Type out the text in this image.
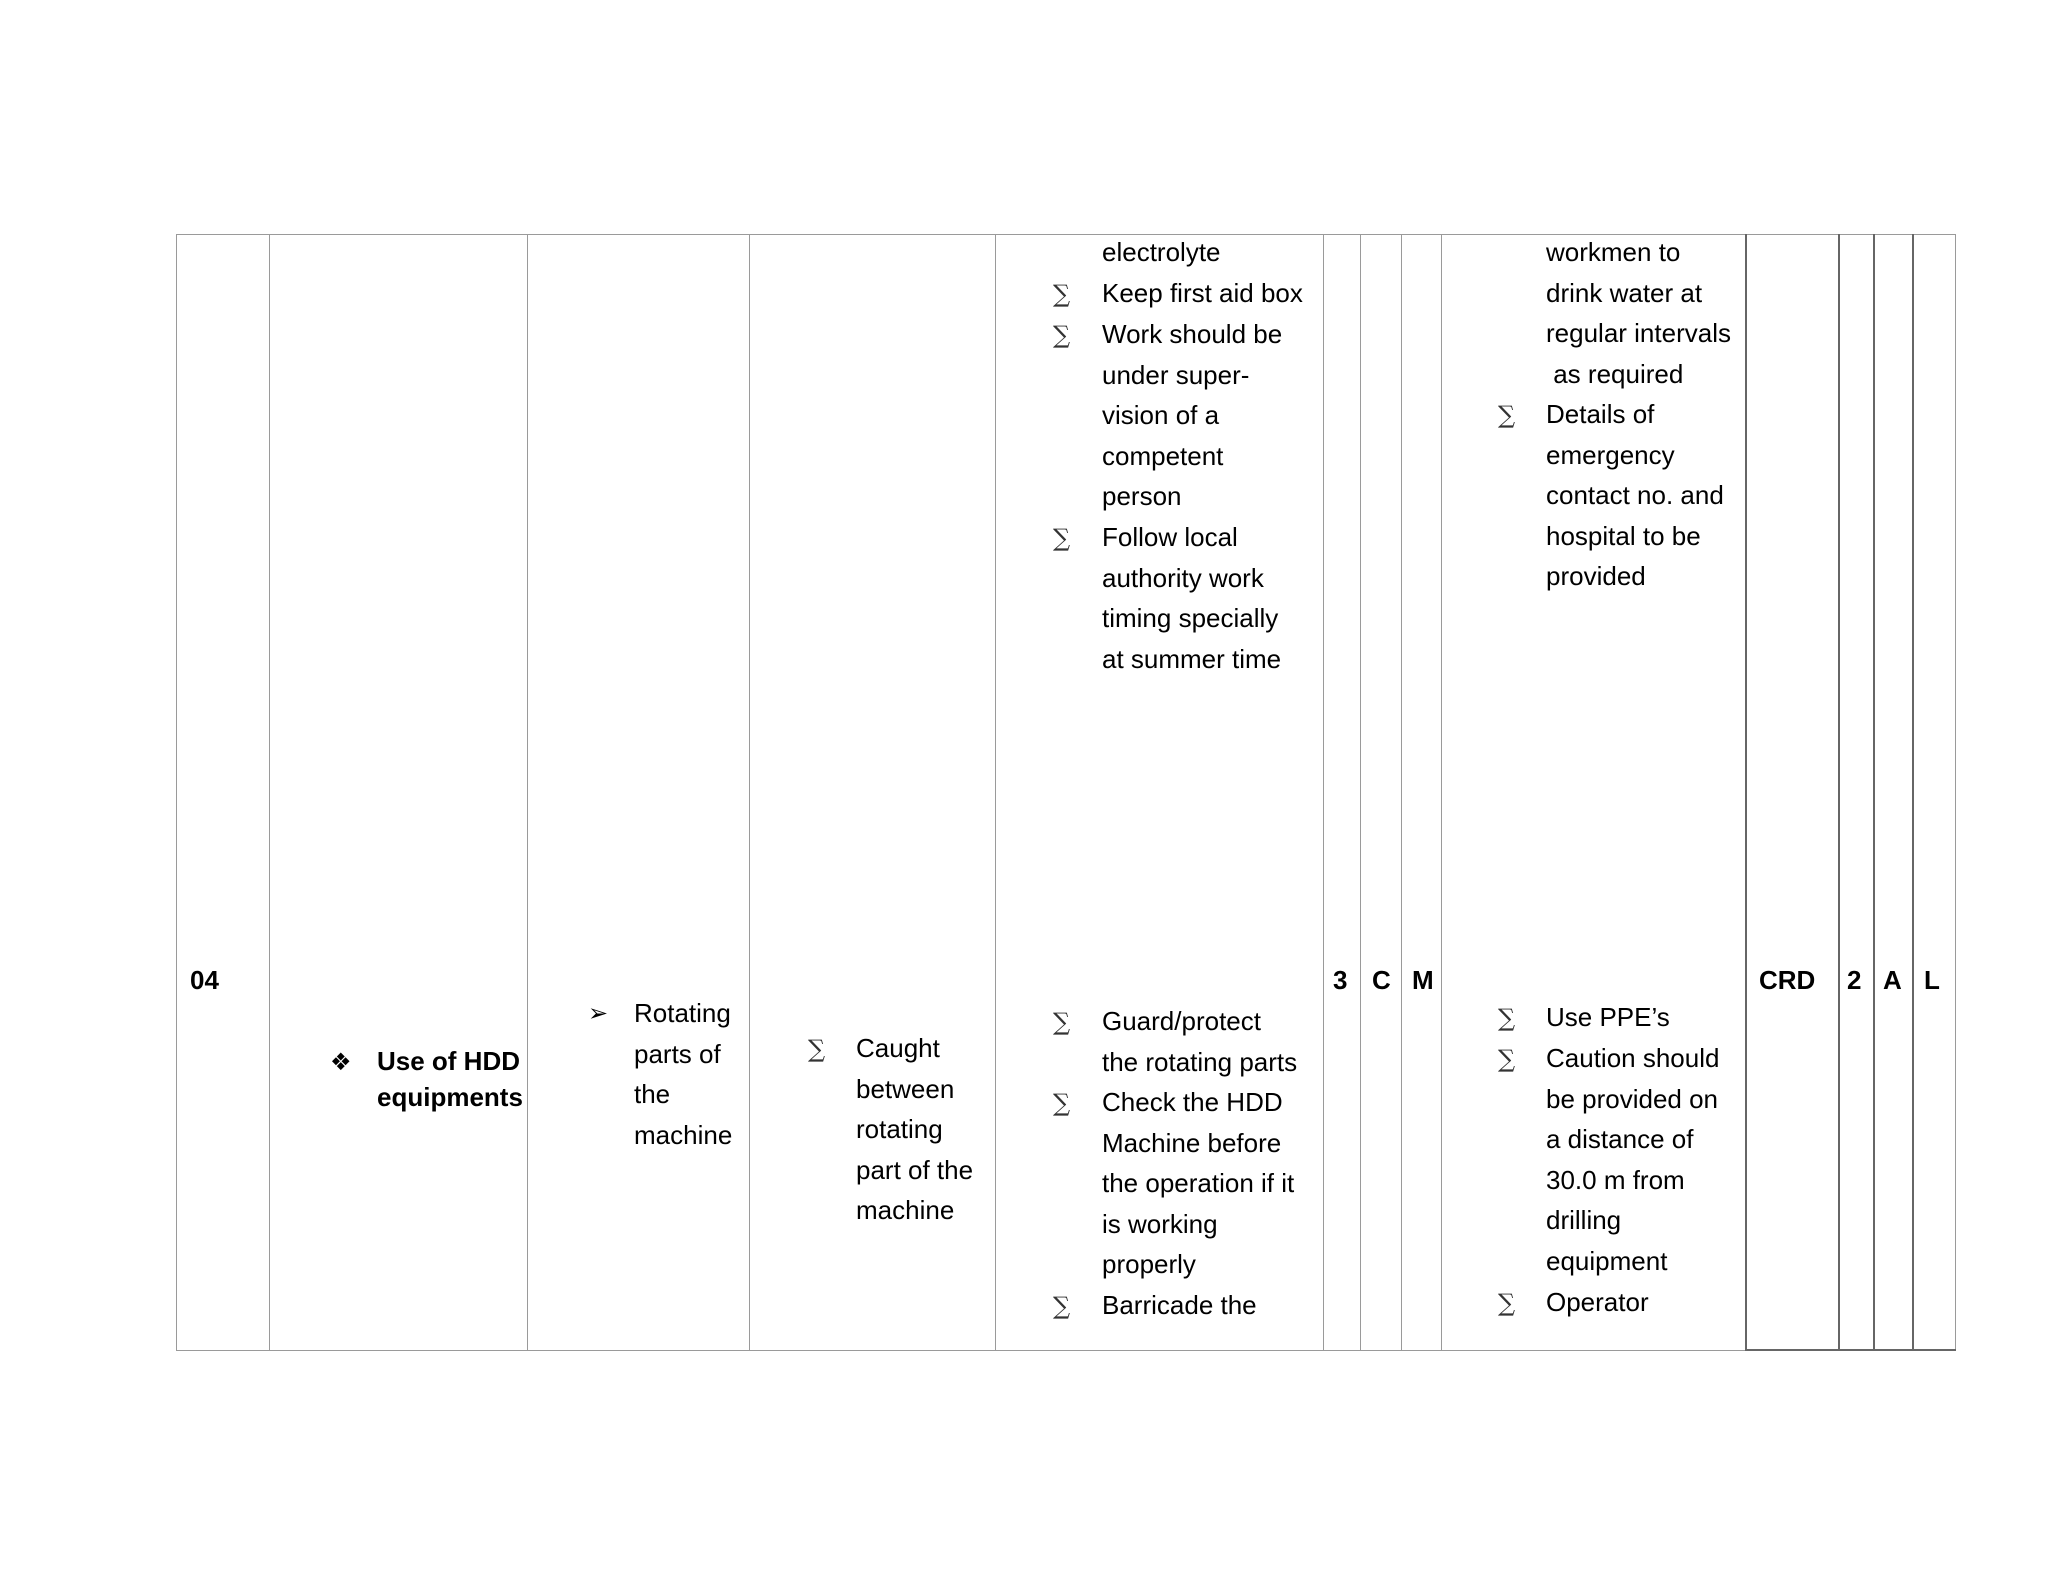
04
❖ Use of HDD
equipments
➢ Rotating
parts of
the
machine
∑ Caught
between
rotating
part of the
machine
electrolyte
∑ Keep first aid box
∑ Work should be
under super-
vision of a
competent
person
∑ Follow local
authority work
timing specially
at summer time
∑ Guard/protect
the rotating parts
∑ Check the HDD
Machine before
the operation if it
is working
properly
∑ Barricade the
3 C M
workmen to
drink water at
regular intervals
as required
∑ Details of
emergency
contact no. and
hospital to be
provided
∑ Use PPE’s
∑ Caution should
be provided on
a distance of
30.0 m from
drilling
equipment
∑ Operator
CRD 2 A L
